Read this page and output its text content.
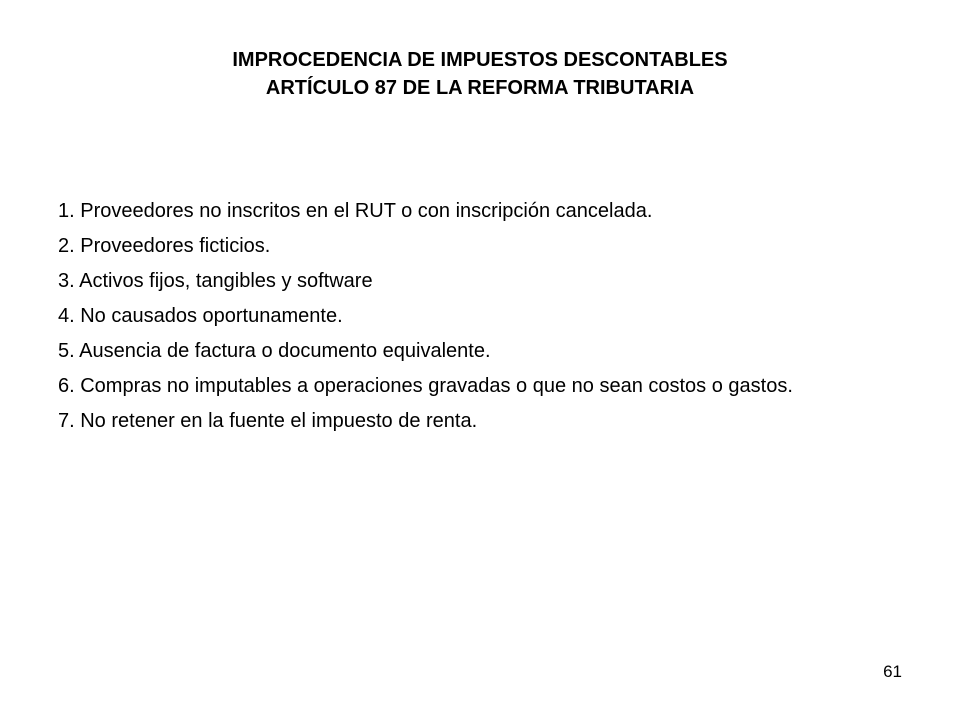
IMPROCEDENCIA DE IMPUESTOS DESCONTABLES
ARTÍCULO 87 DE LA REFORMA TRIBUTARIA
1. Proveedores no inscritos en el RUT o con inscripción cancelada.
2. Proveedores ficticios.
3. Activos fijos, tangibles y software
4. No causados oportunamente.
5. Ausencia de factura o documento equivalente.
6. Compras no imputables a operaciones gravadas o que no sean costos o gastos.
7. No retener en la fuente el impuesto de renta.
61
